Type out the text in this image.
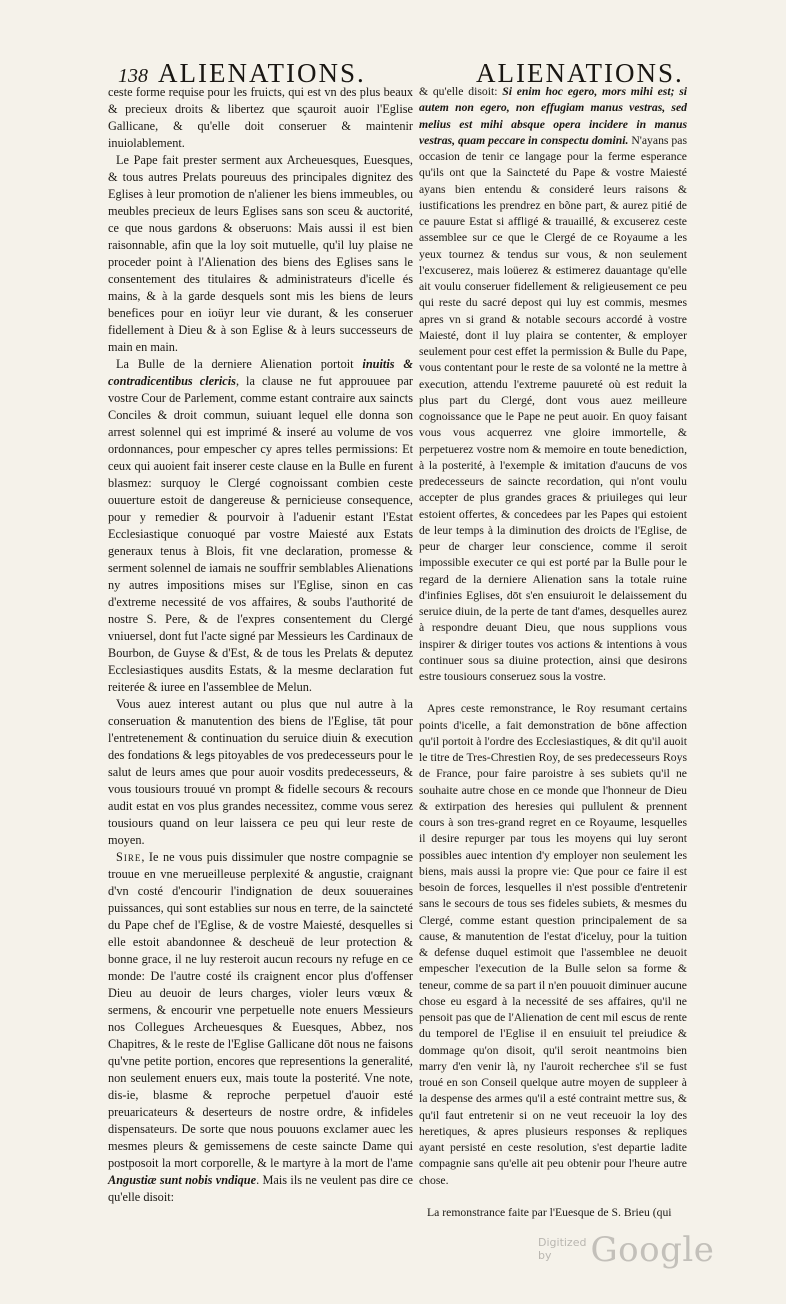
138 ALIENATIONS.	ALIENATIONS.

ceste forme requise pour les fruicts, qui est vn des plus beaux & precieux droits & libertez que sçauroit auoir l'Eglise Gallicane, & qu'elle doit conseruer & maintenir inuiolablement.

Le Pape fait prester serment aux Archeuesques, Euesques, & tous autres Prelats poureuus des principales dignitez des Eglises à leur promotion de n'aliener les biens immeubles, ou meubles precieux de leurs Eglises sans son sceu & auctorité, ce que nous gardons & obseruons: Mais aussi il est bien raisonnable, afin que la loy soit mutuelle, qu'il luy plaise ne proceder point à l'Alienation des biens des Eglises sans le consentement des titulaires & administrateurs d'icelle és mains, & à la garde desquels sont mis les biens de leurs benefices pour en ioüyr leur vie durant, & les conseruer fidellement à Dieu & à son Eglise & à leurs successeurs de main en main.

La Bulle de la derniere Alienation portoit inuitis & contradicentibus clericis, la clause ne fut approuuee par vostre Cour de Parlement, comme estant contraire aux saincts Conciles & droit commun, suiuant lequel elle donna son arrest solennel qui est imprimé & inseré au volume de vos ordonnances, pour empescher cy apres telles permissions: Et ceux qui auoient fait inserer ceste clause en la Bulle en furent blasmez: surquoy le Clergé cognoissant combien ceste ouuerture estoit de dangereuse & pernicieuse consequence, pour y remedier & pourvoir à l'aduenir estant l'Estat Ecclesiastique conuoqué par vostre Maiesté aux Estats generaux tenus à Blois, fit vne declaration, promesse & serment solennel de iamais ne souffrir semblables Alienations ny autres impositions mises sur l'Eglise, sinon en cas d'extreme necessité de vos affaires, & soubs l'authorité de nostre S. Pere, & de l'expres consentement du Clergé vniuersel, dont fut l'acte signé par Messieurs les Cardinaux de Bourbon, de Guyse & d'Est, & de tous les Prelats & deputez Ecclesiastiques ausdits Estats, & la mesme declaration fut reiterée & iuree en l'assemblee de Melun.

Vous auez interest autant ou plus que nul autre à la conseruation & manutention des biens de l'Eglise, tāt pour l'entretenement & continuation du seruice diuin & execution des fondations & legs pitoyables de vos predecesseurs pour le salut de leurs ames que pour auoir vosdits predecesseurs, & vous tousiours trouué vn prompt & fidelle secours & recours audit estat en vos plus grandes necessitez, comme vous serez tousiours quand on leur laissera ce peu qui leur reste de moyen.

Sire, Ie ne vous puis dissimuler que nostre compagnie se trouue en vne merueilleuse perplexité & angustie, craignant d'vn costé d'encourir l'indignation de deux souueraines puissances, qui sont establies sur nous en terre, de la saincteté du Pape chef de l'Eglise, & de vostre Maiesté, desquelles si elle estoit abandonnee & descheuë de leur protection & bonne grace, il ne luy resteroit aucun recours ny refuge en ce monde: De l'autre costé ils craignent encor plus d'offenser Dieu au deuoir de leurs charges, violer leurs vœux & sermens, & encourir vne perpetuelle note enuers Messieurs nos Collegues Archeuesques & Euesques, Abbez, nos Chapitres, & le reste de l'Eglise Gallicane dōt nous ne faisons qu'vne petite portion, encores que representions la generalité, non seulement enuers eux, mais toute la posterité. Vne note, dis-ie, blasme & reproche perpetuel d'auoir esté preuaricateurs & deserteurs de nostre ordre, & infideles dispensateurs. De sorte que nous pouuons exclamer auec les mesmes pleurs & gemissemens de ceste saincte Dame qui postposoit la mort corporelle, & le martyre à la mort de l'ame Angustiæ sunt nobis vndique. Mais ils ne veulent pas dire ce qu'elle disoit:

& qu'elle disoit: Si enim hoc egero, mors mihi est; si autem non egero, non effugiam manus vestras, sed melius est mihi absque opera incidere in manus vestras, quam peccare in conspectu domini. N'ayans pas occasion de tenir ce langage pour la ferme esperance qu'ils ont que la Saincteté du Pape & vostre Maiesté ayans bien entendu & consideré leurs raisons & iustifications les prendrez en bõne part, & aurez pitié de ce pauure Estat si affligé & trauaillé, & excuserez ceste assemblee sur ce que le Clergé de ce Royaume a les yeux tournez & tendus sur vous, & non seulement l'excuserez, mais loüerez & estimerez dauantage qu'elle ait voulu conseruer fidellement & religieusement ce peu qui reste du sacré depost qui luy est commis, mesmes apres vn si grand & notable secours accordé à vostre Maiesté, dont il luy plaira se contenter, & employer seulement pour cest effet la permission & Bulle du Pape, vous contentant pour le reste de sa volonté ne la mettre à execution, attendu l'extreme pauureté où est reduit la plus part du Clergé, dont vous auez meilleure cognoissance que le Pape ne peut auoir. En quoy faisant vous vous acquerrez vne gloire immortelle, & perpetuerez vostre nom & memoire en toute benediction, à la posterité, à l'exemple & imitation d'aucuns de vos predecesseurs de saincte recordation, qui n'ont voulu accepter de plus grandes graces & priuileges qui leur estoient offertes, & concedees par les Papes qui estoient de leur temps à la diminution des droicts de l'Eglise, de peur de charger leur conscience, comme il seroit impossible executer ce qui est porté par la Bulle pour le regard de la derniere Alienation sans la totale ruine d'infinies Eglises, dōt s'en ensuiuroit le delaissement du seruice diuin, de la perte de tant d'ames, desquelles aurez à respondre deuant Dieu, que nous supplions vous inspirer & diriger toutes vos actions & intentions à vous continuer sous sa diuine protection, ainsi que desirons estre tousiours conseruez sous la vostre.

Apres ceste remonstrance, le Roy resumant certains points d'icelle, a fait demonstration de bōne affection qu'il portoit à l'ordre des Ecclesiastiques, & dit qu'il auoit le titre de Tres-Chrestien Roy, de ses predecesseurs Roys de France, pour faire paroistre à ses subiets qu'il ne souhaite autre chose en ce monde que l'honneur de Dieu & extirpation des heresies qui pullulent & prennent cours à son tres-grand regret en ce Royaume, lesquelles il desire repurger par tous les moyens qui luy seront possibles auec intention d'y employer non seulement les biens, mais aussi la propre vie: Que pour ce faire il est besoin de forces, lesquelles il n'est possible d'entretenir sans le secours de tous ses fideles subiets, & mesmes du Clergé, comme estant question principalement de sa cause, & manutention de l'estat d'iceluy, pour la tuition & defense duquel estimoit que l'assemblee ne deuoit empescher l'execution de la Bulle selon sa forme & teneur, comme de sa part il n'en pouuoit diminuer aucune chose eu esgard à la necessité de ses affaires, qu'il ne pensoit pas que de l'Alienation de cent mil escus de rente du temporel de l'Eglise il en ensuiuit tel preiudice & dommage qu'on disoit, qu'il seroit neantmoins bien marry d'en venir là, ny l'auroit recherchee s'il se fust troué en son Conseil quelque autre moyen de suppleer à la despense des armes qu'il a esté contraint mettre sus, & qu'il faut entretenir si on ne veut receuoir la loy des heretiques, & apres plusieurs responses & repliques ayant persisté en ceste resolution, s'est departie ladite compagnie sans qu'elle ait peu obtenir pour l'heure autre chose.

La remonstrance faite par l'Euesque de S. Brieu (qui

Digitized by	Google
